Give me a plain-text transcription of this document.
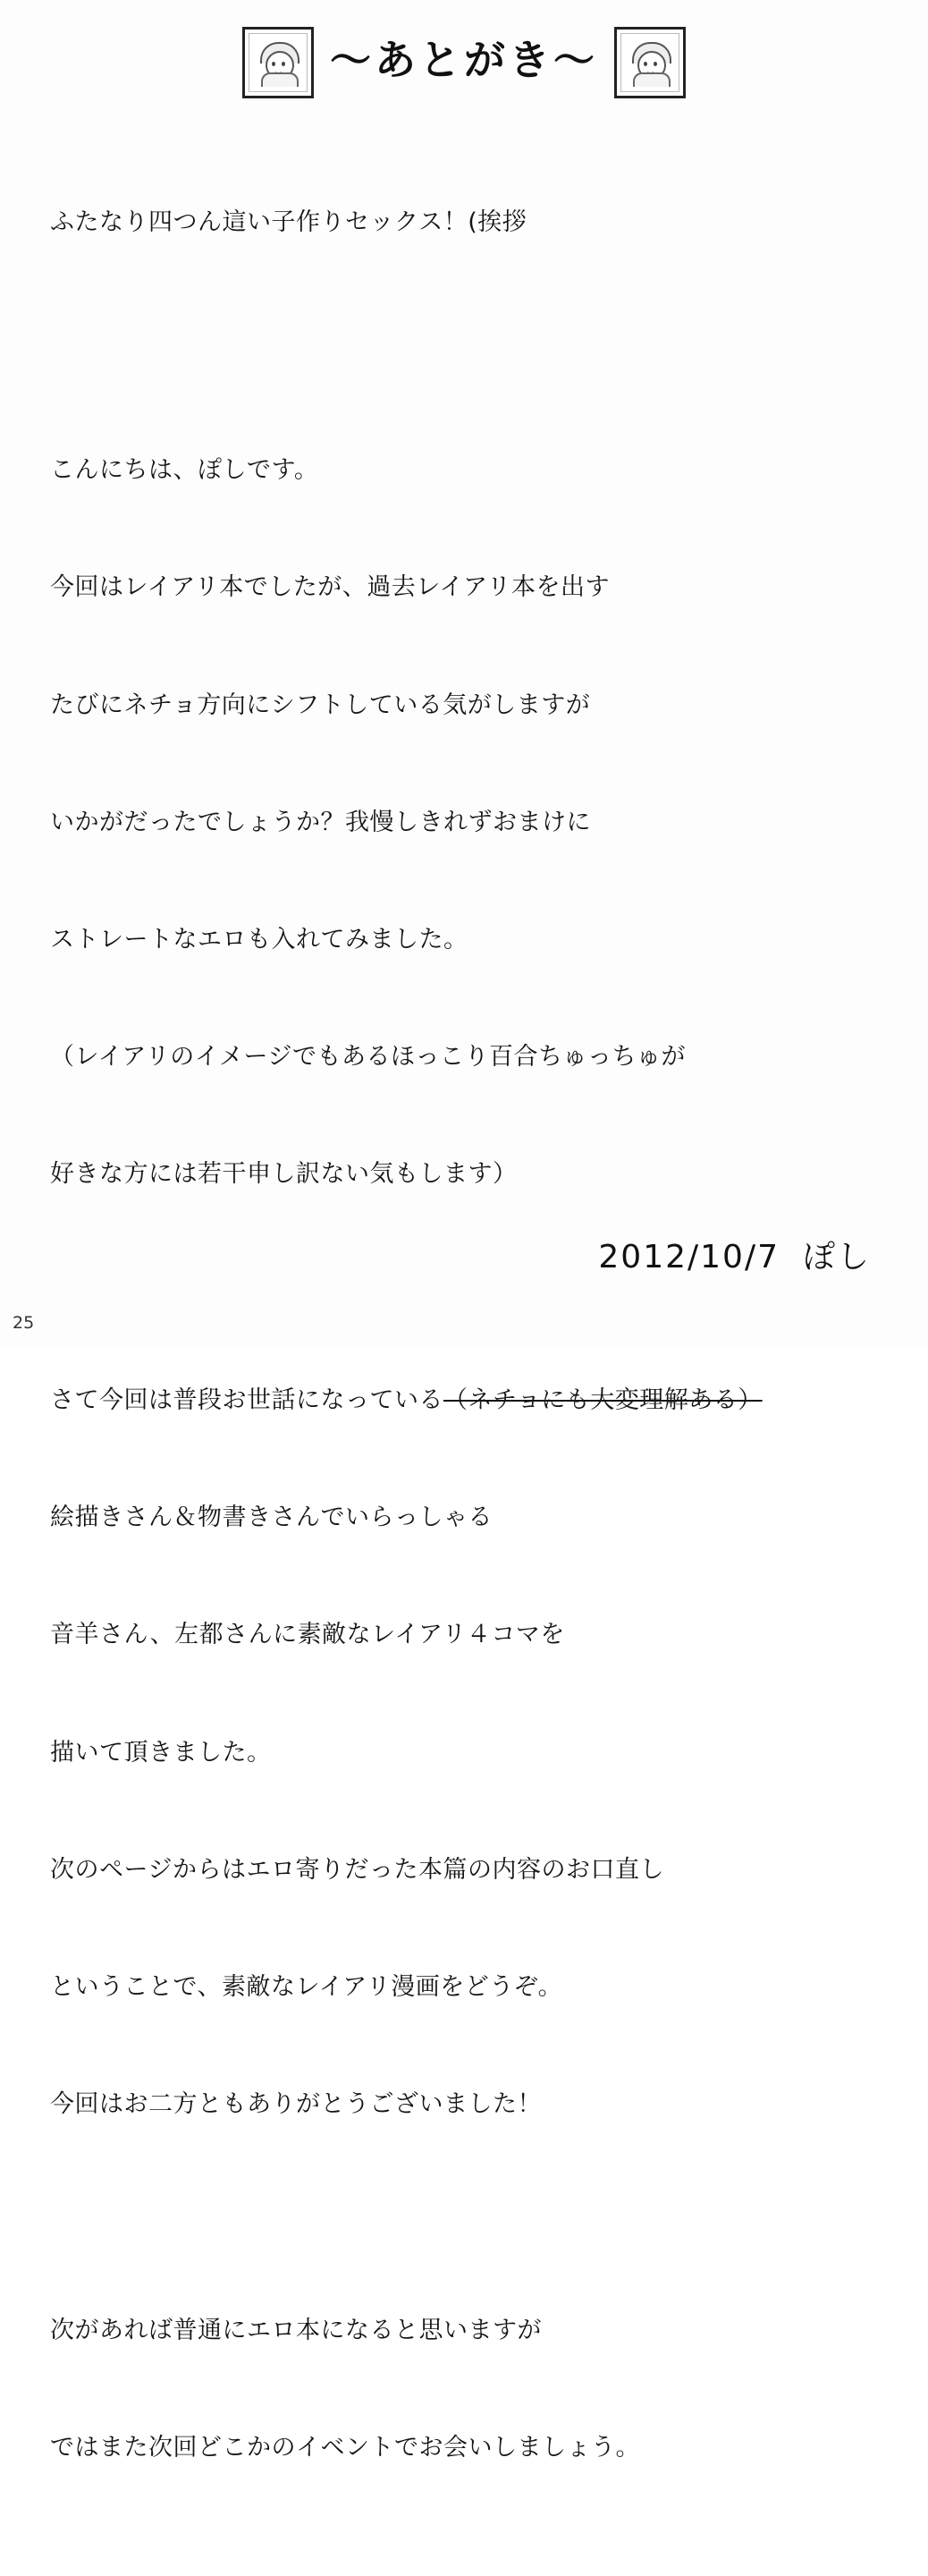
〜あとがき〜

ふたなり四つん這い子作りセックス！(挨拶

こんにちは、ぽしです。

今回はレイアリ本でしたが、過去レイアリ本を出す

たびにネチョ方向にシフトしている気がしますが

いかがだったでしょうか？我慢しきれずおまけに

ストレートなエロも入れてみました。

（レイアリのイメージでもあるほっこり百合ちゅっちゅが

好きな方には若干申し訳ない気もします）

さて今回は普段お世話になっている（ネチョにも大変理解ある）

絵描きさん＆物書きさんでいらっしゃる

音羊さん、左都さんに素敵なレイアリ４コマを

描いて頂きました。

次のページからはエロ寄りだった本篇の内容のお口直し

ということで、素敵なレイアリ漫画をどうぞ。

今回はお二方ともありがとうございました！

次があれば普通にエロ本になると思いますが

ではまた次回どこかのイベントでお会いしましょう。

2012/10/7 ぽし
25
